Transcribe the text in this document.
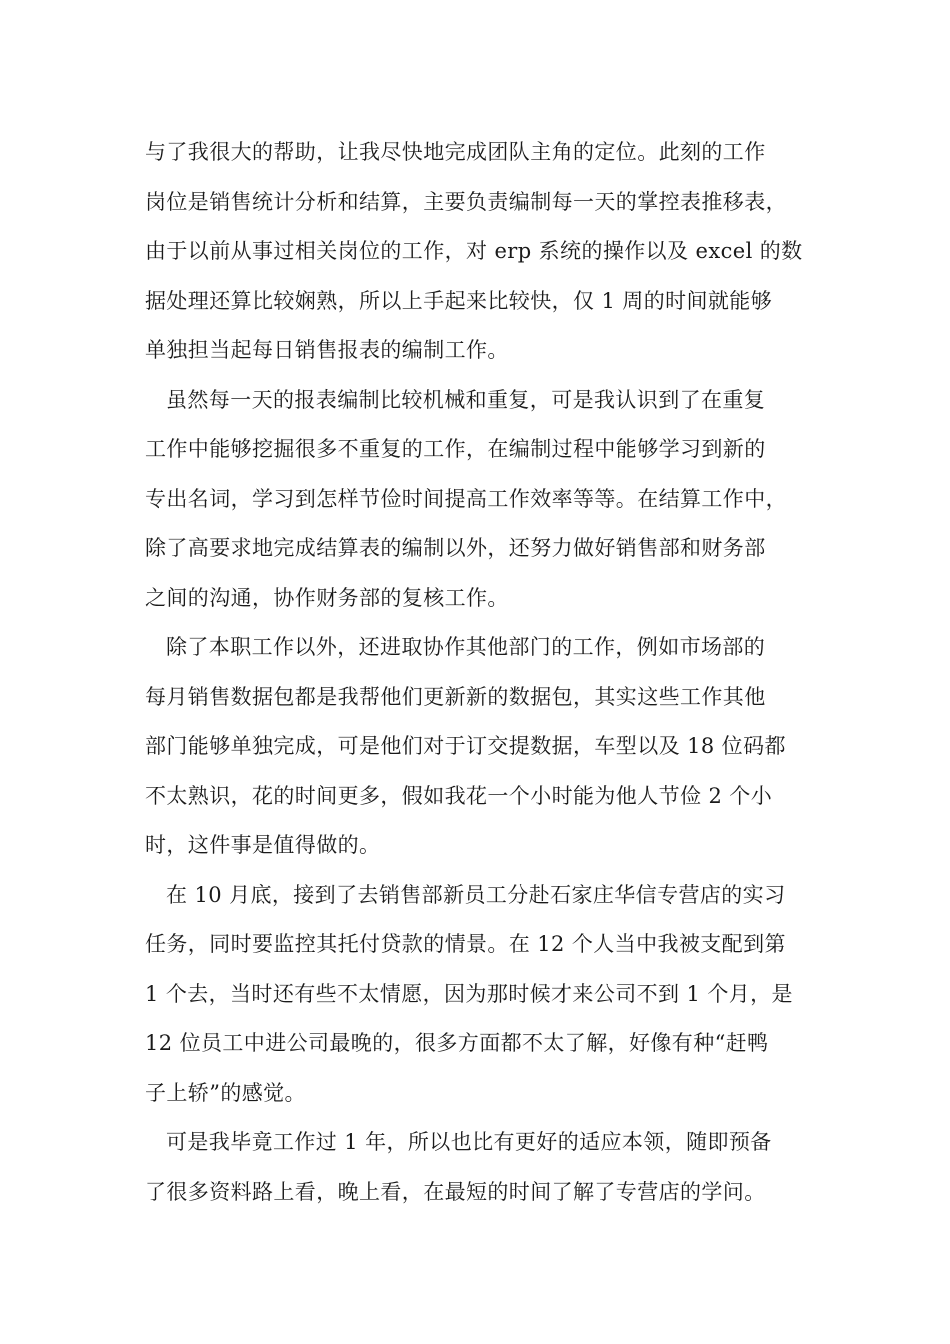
与了我很大的帮助，让我尽快地完成团队主角的定位。此刻的工作
岗位是销售统计分析和结算，主要负责编制每一天的掌控表推移表，
由于以前从事过相关岗位的工作，对 erp 系统的操作以及 excel 的数
据处理还算比较娴熟，所以上手起来比较快，仅 1 周的时间就能够
单独担当起每日销售报表的编制工作。
虽然每一天的报表编制比较机械和重复，可是我认识到了在重复
工作中能够挖掘很多不重复的工作，在编制过程中能够学习到新的
专出名词，学习到怎样节俭时间提高工作效率等等。在结算工作中，
除了高要求地完成结算表的编制以外，还努力做好销售部和财务部
之间的沟通，协作财务部的复核工作。
除了本职工作以外，还进取协作其他部门的工作，例如市场部的
每月销售数据包都是我帮他们更新新的数据包，其实这些工作其他
部门能够单独完成，可是他们对于订交提数据，车型以及 18 位码都
不太熟识，花的时间更多，假如我花一个小时能为他人节俭 2 个小
时，这件事是值得做的。
在 10 月底，接到了去销售部新员工分赴石家庄华信专营店的实习
任务，同时要监控其托付贷款的情景。在 12 个人当中我被支配到第
1 个去，当时还有些不太情愿，因为那时候才来公司不到 1 个月，是
12 位员工中进公司最晚的，很多方面都不太了解，好像有种“赶鸭
子上轿”的感觉。
可是我毕竟工作过 1 年，所以也比有更好的适应本领，随即预备
了很多资料路上看，晚上看，在最短的时间了解了专营店的学问。
